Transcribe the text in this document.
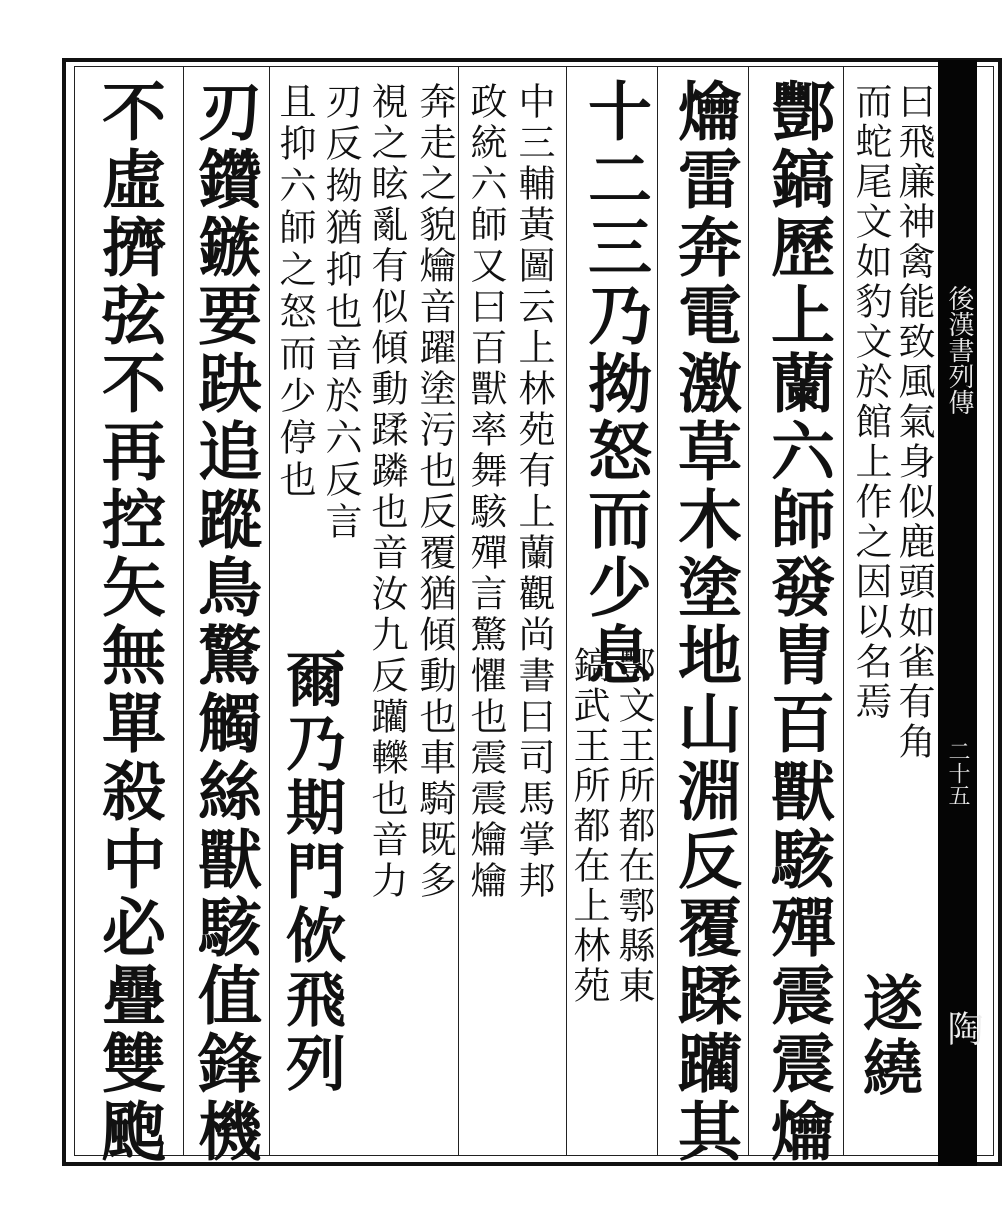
後漢書列傳
二十五
曰飛廉神禽能致風氣身似鹿頭如雀有角
而蛇尾文如豹文於館上作之因以名焉
遂繞
酆鎬歷上蘭六師發胄百獸駭殫震震爚
爚雷奔電激草木塗地山淵反覆蹂躪其
十二三乃拗怒而少息
酆文王所都在鄠縣東
鎬武王所都在上林苑
中三輔黃圖云上林苑有上蘭觀尚書曰司馬掌邦
政統六師又曰百獸率舞駭殫言驚懼也震震爚爚
奔走之貌爚音躍塗污也反覆猶傾動也車騎既多
視之眩亂有似傾動蹂蹸也音汝九反躪轢也音力
刃反拗猶抑也音於六反言
且抑六師之怒而少停也
爾乃期門佽飛列
刃鑽鏃要趹追蹤鳥驚觸絲獸駭值鋒機
不虛擠弦不再控矢無單殺中必疊雙颮	陶
